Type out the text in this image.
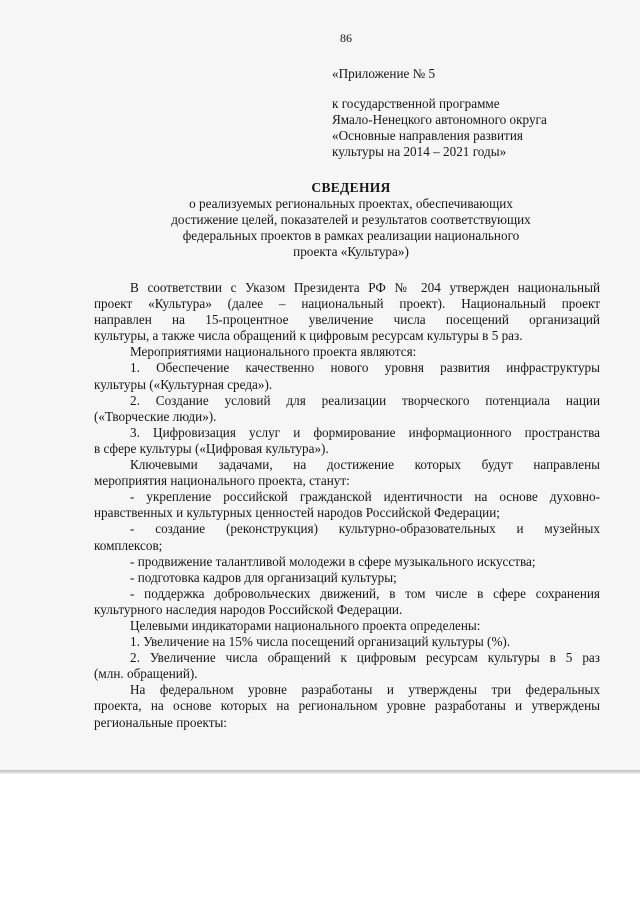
86
«Приложение № 5
к государственной программе
Ямало-Ненецкого автономного округа
«Основные направления развития
культуры на 2014 – 2021 годы»
СВЕДЕНИЯ
о реализуемых региональных проектах, обеспечивающих
достижение целей, показателей и результатов соответствующих
федеральных проектов в рамках реализации национального
проекта «Культура»)
В соответствии с Указом Президента РФ № 204 утвержден национальный
проект «Культура» (далее – национальный проект). Национальный проект
направлен на 15-процентное увеличение числа посещений организаций
культуры, а также числа обращений к цифровым ресурсам культуры в 5 раз.
Мероприятиями национального проекта являются:
1. Обеспечение качественно нового уровня развития инфраструктуры
культуры («Культурная среда»).
2. Создание условий для реализации творческого потенциала нации
(«Творческие люди»).
3. Цифровизация услуг и формирование информационного пространства
в сфере культуры («Цифровая культура»).
Ключевыми задачами, на достижение которых будут направлены
мероприятия национального проекта, станут:
- укрепление российской гражданской идентичности на основе духовно-
нравственных и культурных ценностей народов Российской Федерации;
- создание (реконструкция) культурно-образовательных и музейных
комплексов;
- продвижение талантливой молодежи в сфере музыкального искусства;
- подготовка кадров для организаций культуры;
- поддержка добровольческих движений, в том числе в сфере сохранения
культурного наследия народов Российской Федерации.
Целевыми индикаторами национального проекта определены:
1. Увеличение на 15% числа посещений организаций культуры (%).
2. Увеличение числа обращений к цифровым ресурсам культуры в 5 раз
(млн. обращений).
На федеральном уровне разработаны и утверждены три федеральных
проекта, на основе которых на региональном уровне разработаны и утверждены
региональные проекты:
